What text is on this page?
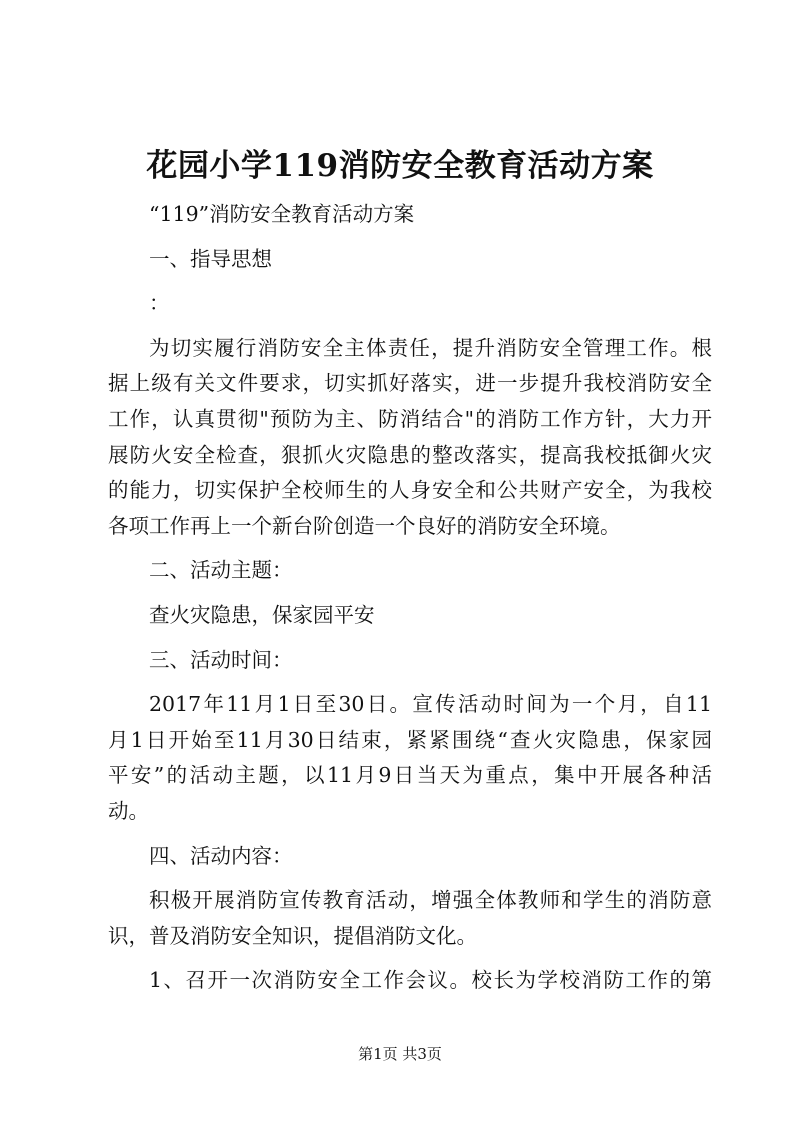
花园小学119消防安全教育活动方案
“119”消防安全教育活动方案
一、指导思想
：
为切实履行消防安全主体责任，提升消防安全管理工作。根
据上级有关文件要求，切实抓好落实，进一步提升我校消防安全
工作，认真贯彻"预防为主、防消结合"的消防工作方针，大力开
展防火安全检查，狠抓火灾隐患的整改落实，提高我校抵御火灾
的能力，切实保护全校师生的人身安全和公共财产安全，为我校
各项工作再上一个新台阶创造一个良好的消防安全环境。
二、活动主题：
查火灾隐患，保家园平安
三、活动时间：
2017年11月1日至30日。宣传活动时间为一个月，自11
月1日开始至11月30日结束，紧紧围绕“查火灾隐患，保家园
平安”的活动主题，以11月9日当天为重点，集中开展各种活
动。
四、活动内容：
积极开展消防宣传教育活动，增强全体教师和学生的消防意
识，普及消防安全知识，提倡消防文化。
1、召开一次消防安全工作会议。校长为学校消防工作的第
第1页 共3页
